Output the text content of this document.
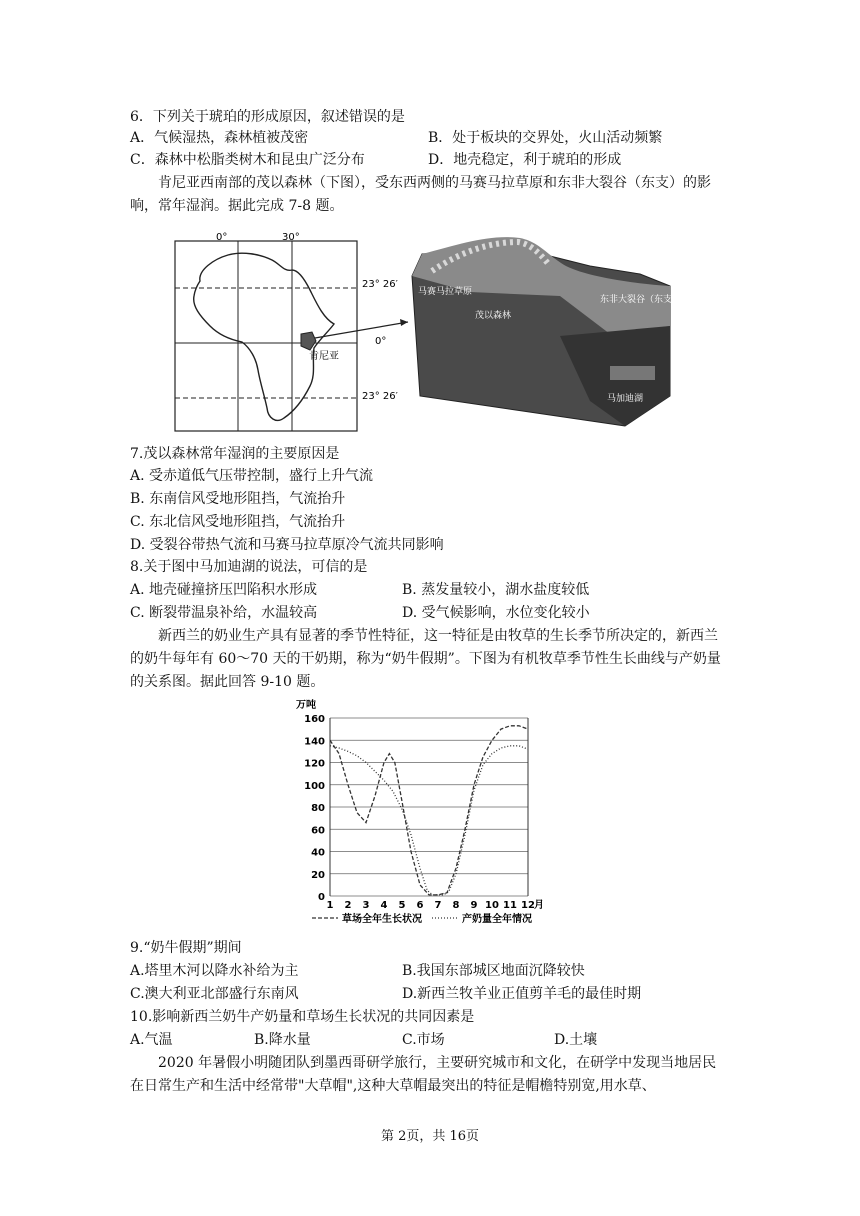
6．下列关于琥珀的形成原因，叙述错误的是
A．气候湿热，森林植被茂密	B．处于板块的交界处，火山活动频繁
C．森林中松脂类树木和昆虫广泛分布	D．地壳稳定，利于琥珀的形成
肯尼亚西南部的茂以森林（下图），受东西两侧的马赛马拉草原和东非大裂谷（东支）的影响，常年湿润。据此完成 7-8 题。
肯尼亚
0°	30°
23° 26′
0°
23° 26′
马赛马拉草原
茂以森林
东非大裂谷（东支）
马加迪湖
7.茂以森林常年湿润的主要原因是
A. 受赤道低气压带控制，盛行上升气流
B. 东南信风受地形阻挡，气流抬升
C. 东北信风受地形阻挡，气流抬升
D. 受裂谷带热气流和马赛马拉草原冷气流共同影响
8.关于图中马加迪湖的说法，可信的是
A. 地壳碰撞挤压凹陷积水形成	B. 蒸发量较小，湖水盐度较低
C. 断裂带温泉补给，水温较高	D. 受气候影响，水位变化较小
新西兰的奶业生产具有显著的季节性特征，这一特征是由牧草的生长季节所决定的，新西兰的奶牛每年有 60～70 天的干奶期，称为“奶牛假期”。下图为有机牧草季节性生长曲线与产奶量的关系图。据此回答 9-10 题。
万吨
0
20
40
60
80
100
120
140
160
1 2 3 4 5 6 7 8 9 10 11 12 月
草场全年生长状况	产奶量全年情况
9.“奶牛假期”期间
A.塔里木河以降水补给为主	B.我国东部城区地面沉降较快
C.澳大利亚北部盛行东南风	D.新西兰牧羊业正值剪羊毛的最佳时期
10.影响新西兰奶牛产奶量和草场生长状况的共同因素是
A.气温	B.降水量	C.市场	D.土壤
2020 年暑假小明随团队到墨西哥研学旅行，主要研究城市和文化，在研学中发现当地居民在日常生产和生活中经常带"大草帽",这种大草帽最突出的特征是帽檐特别宽,用水草、
第 2页，共 16页
